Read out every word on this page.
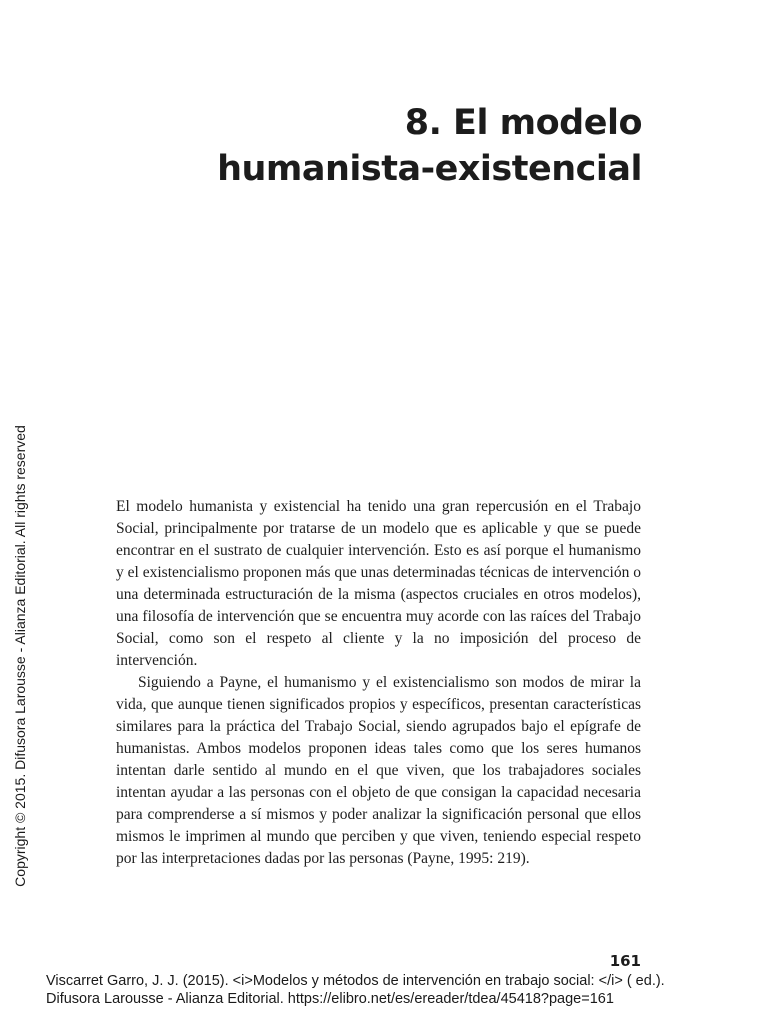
8. El modelo
humanista-existencial
Copyright © 2015. Difusora Larousse - Alianza Editorial. All rights reserved	El modelo humanista y existencial ha tenido una gran repercusión en el Trabajo Social, principalmente por tratarse de un modelo que es aplicable y que se puede encontrar en el sustrato de cualquier intervención. Esto es así porque el humanismo y el existencialismo proponen más que unas determinadas técnicas de intervención o una determinada estructuración de la misma (aspectos cruciales en otros modelos), una filosofía de intervención que se encuentra muy acorde con las raíces del Trabajo Social, como son el respeto al cliente y la no imposición del proceso de intervención.

Siguiendo a Payne, el humanismo y el existencialismo son modos de mirar la vida, que aunque tienen significados propios y específicos, presentan características similares para la práctica del Trabajo Social, siendo agrupados bajo el epígrafe de humanistas. Ambos modelos proponen ideas tales como que los seres humanos intentan darle sentido al mundo en el que viven, que los trabajadores sociales intentan ayudar a las personas con el objeto de que consigan la capacidad necesaria para comprenderse a sí mismos y poder analizar la significación personal que ellos mismos le imprimen al mundo que perciben y que viven, teniendo especial respeto por las interpretaciones dadas por las personas (Payne, 1995: 219).

161
Viscarret Garro, J. J. (2015). <i>Modelos y métodos de intervención en trabajo social: </i> ( ed.).
Difusora Larousse - Alianza Editorial. https://elibro.net/es/ereader/tdea/45418?page=161
